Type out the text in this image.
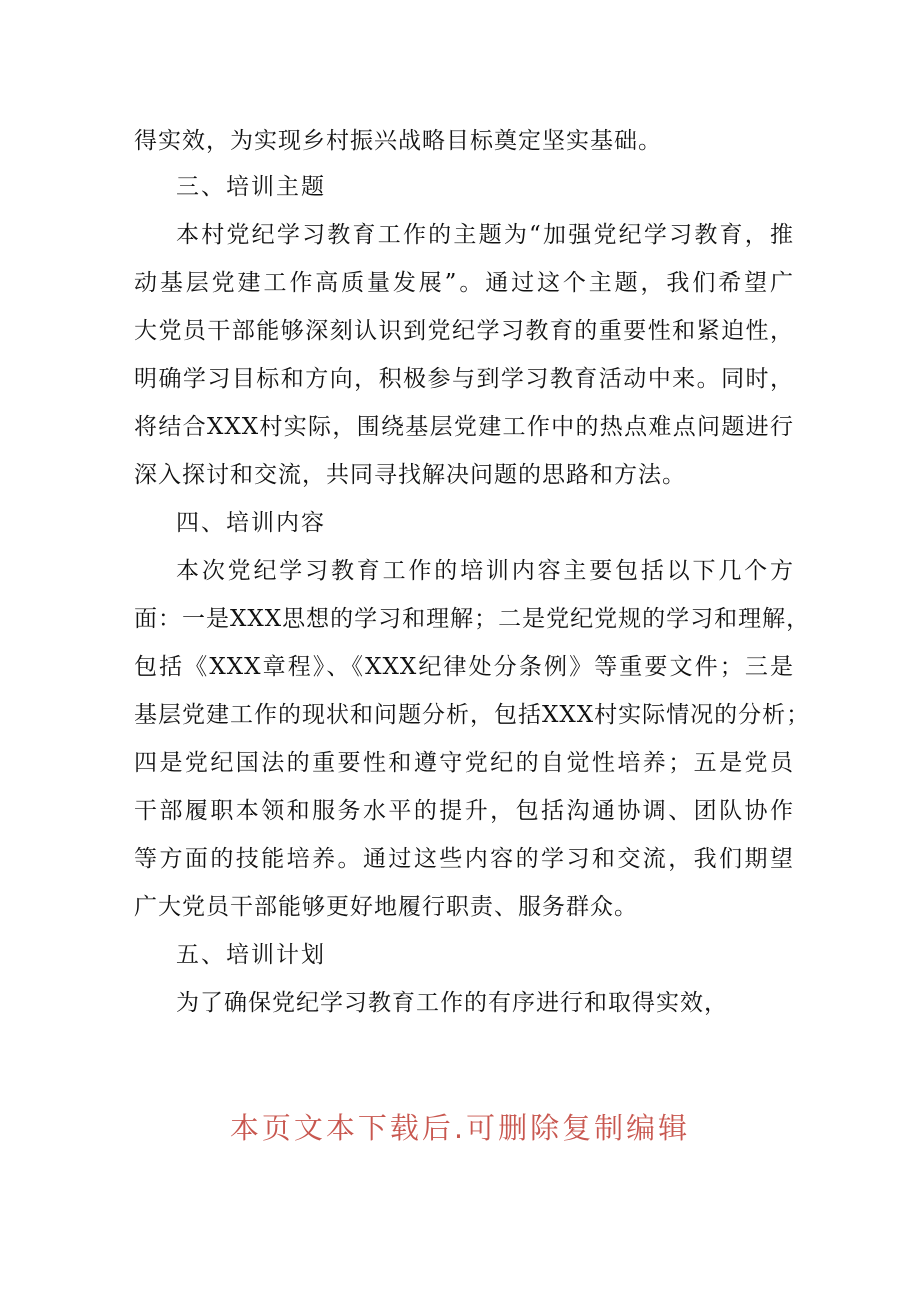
得实效，为实现乡村振兴战略目标奠定坚实基础。
三、培训主题
本村党纪学习教育工作的主题为“加强党纪学习教育，推
动基层党建工作高质量发展”。通过这个主题，我们希望广
大党员干部能够深刻认识到党纪学习教育的重要性和紧迫性，
明确学习目标和方向，积极参与到学习教育活动中来。同时，
将结合XXX村实际，围绕基层党建工作中的热点难点问题进行
深入探讨和交流，共同寻找解决问题的思路和方法。
四、培训内容
本次党纪学习教育工作的培训内容主要包括以下几个方
面：一是XXX思想的学习和理解；二是党纪党规的学习和理解，
包括《XXX章程》、《XXX纪律处分条例》等重要文件；三是
基层党建工作的现状和问题分析，包括XXX村实际情况的分析；
四是党纪国法的重要性和遵守党纪的自觉性培养；五是党员
干部履职本领和服务水平的提升，包括沟通协调、团队协作
等方面的技能培养。通过这些内容的学习和交流，我们期望
广大党员干部能够更好地履行职责、服务群众。
五、培训计划
为了确保党纪学习教育工作的有序进行和取得实效，
本页文本下载后.可删除复制编辑
